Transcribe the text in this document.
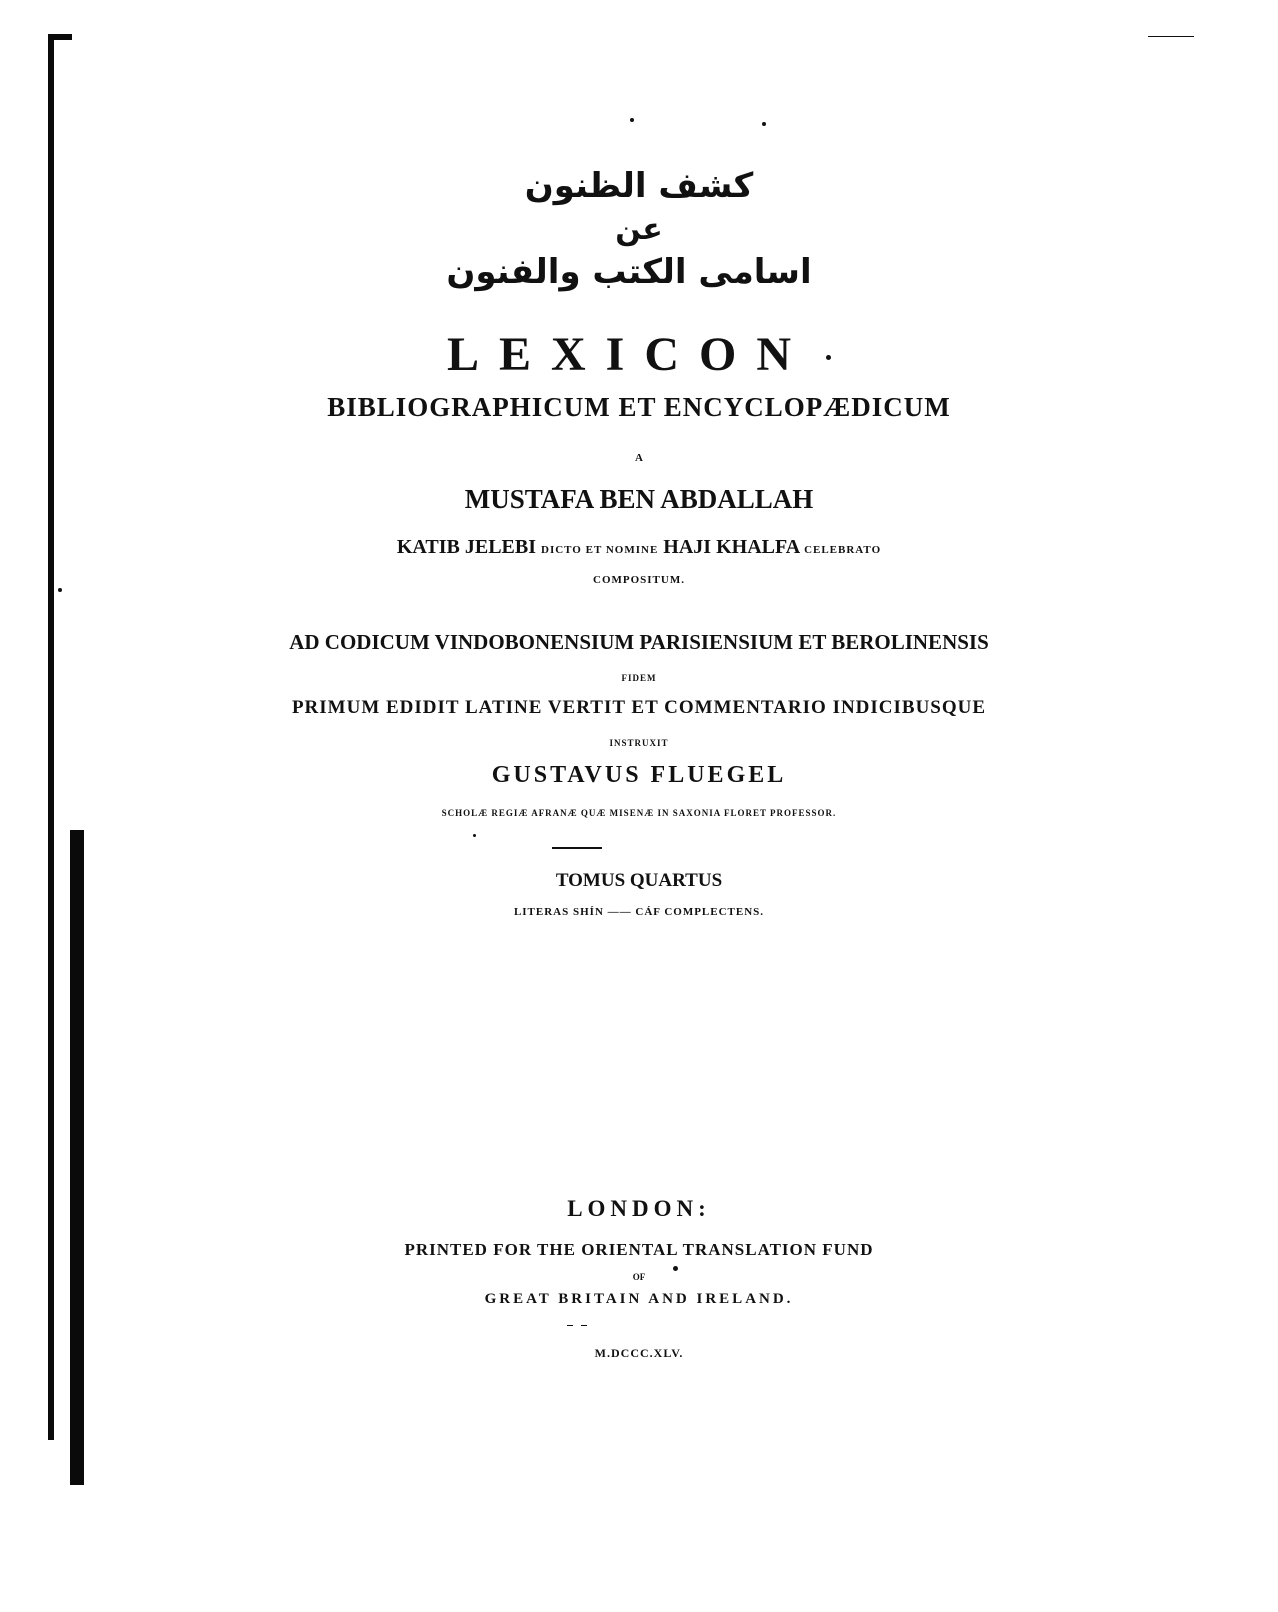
كشف الظنون
عن
اسامى الكتب والفنون
LEXICON
BIBLIOGRAPHICUM ET ENCYCLOPÆDICUM
A
MUSTAFA BEN ABDALLAH
KATIB JELEBI DICTO ET NOMINE HAJI KHALFA CELEBRATO
COMPOSITUM.
AD CODICUM VINDOBONENSIUM PARISIENSIUM ET BEROLINENSIS
FIDEM
PRIMUM EDIDIT LATINE VERTIT ET COMMENTARIO INDICIBUSQUE
INSTRUXIT
GUSTAVUS FLUEGEL
SCHOLÆ REGIÆ AFRANÆ QUÆ MISENÆ IN SAXONIA FLORET PROFESSOR.
TOMUS QUARTUS
LITERAS SHÍN —— CÁF COMPLECTENS.
LONDON:
PRINTED FOR THE ORIENTAL TRANSLATION FUND
OF
GREAT BRITAIN AND IRELAND.
M.DCCC.XLV.
